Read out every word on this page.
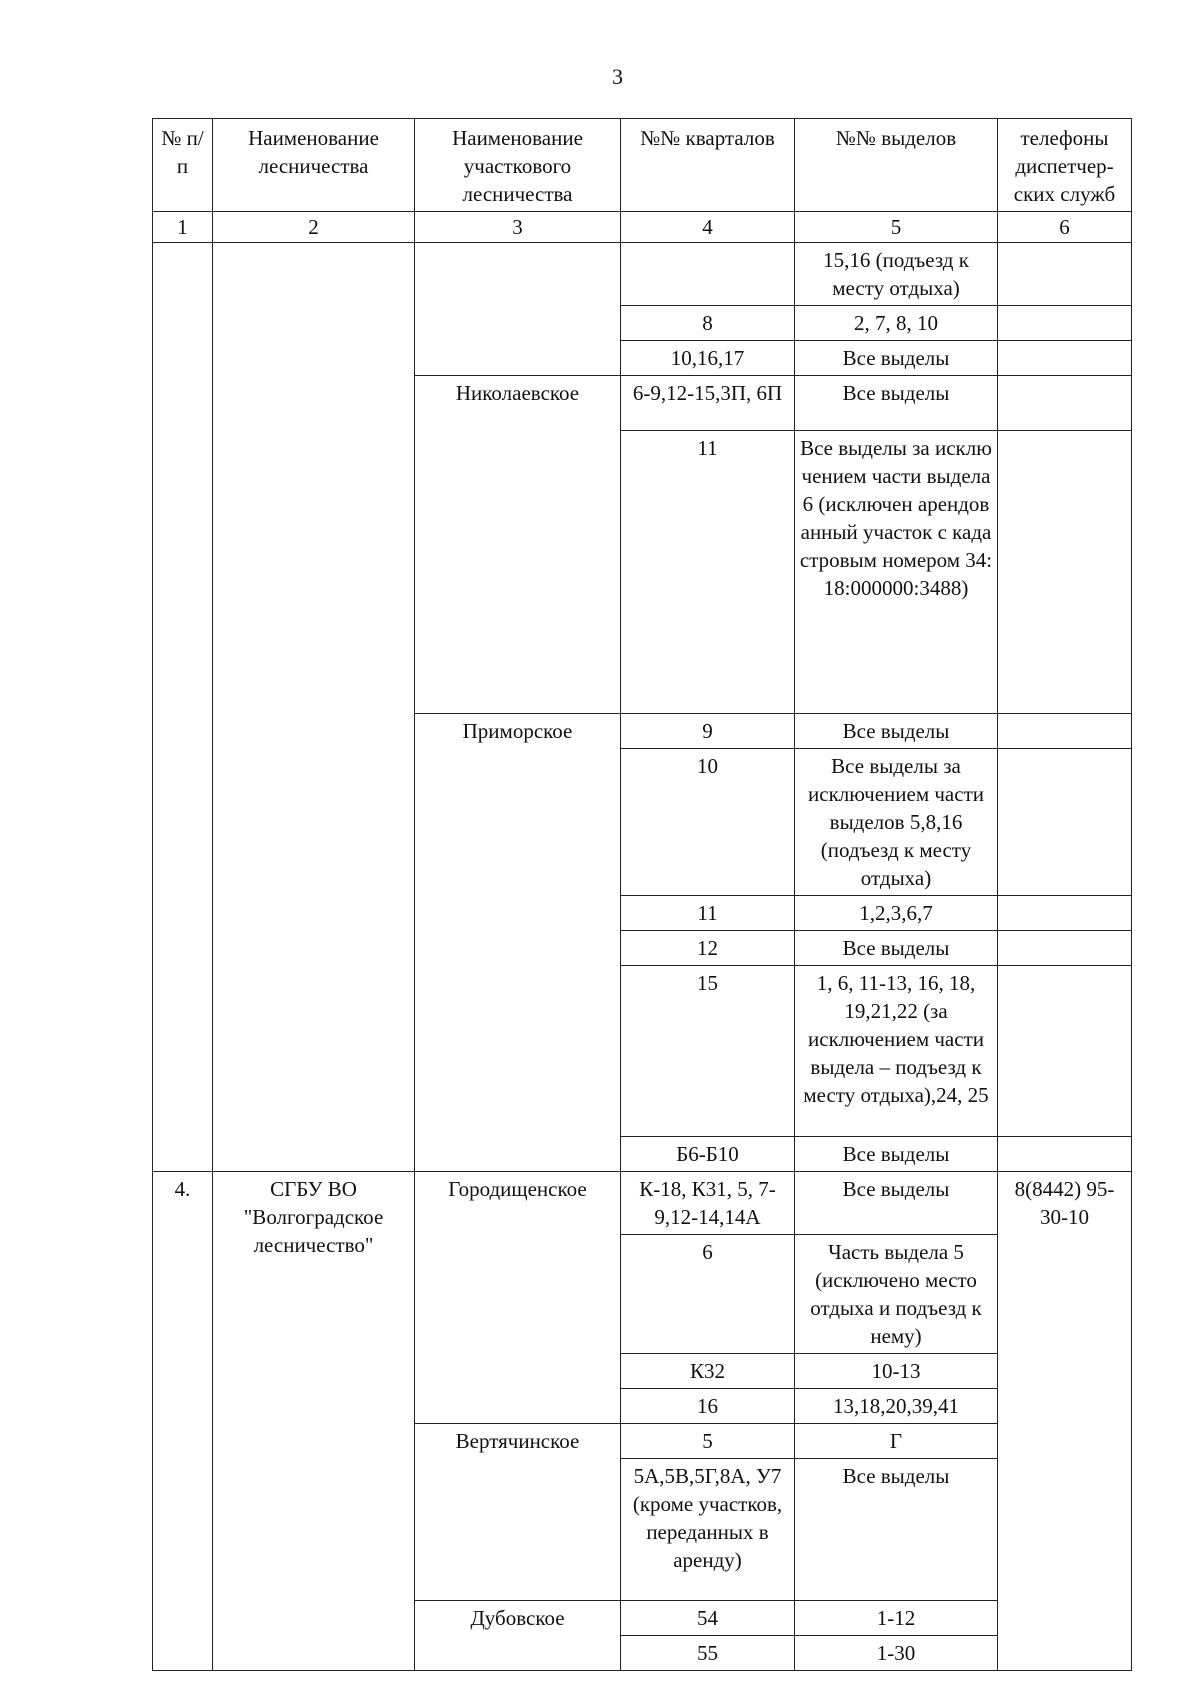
3
№ п/п	Наименование лесничества	Наименование участкового лесничества	№№ кварталов	№№ выделов	телефоны диспетчер-ских служб
1	2	3	4	5	6
				15,16 (подъезд к месту отдыха)	
			8	2, 7, 8, 10	
			10,16,17	Все выделы	
		Николаевское	6-9,12-15,3П, 6П	Все выделы	
			11	Все выделы за исключением части выдела 6 (исключен арендованный участок с кадастровым номером 34:18:000000:3488)	
		Приморское	9	Все выделы	
			10	Все выделы за исключением части выделов 5,8,16 (подъезд к месту отдыха)	
			11	1,2,3,6,7	
			12	Все выделы	
			15	1, 6, 11-13, 16, 18, 19,21,22 (за исключением части выдела – подъезд к месту отдыха),24, 25	
			Б6-Б10	Все выделы	
4.	СГБУ ВО "Волгоградское лесничество"	Городищенское	К-18, К31, 5, 7-9,12-14,14А	Все выделы	8(8442) 95-30-10
			6	Часть выдела 5 (исключено место отдыха и подъезд к нему)	
			К32	10-13	
			16	13,18,20,39,41	
		Вертячинское	5	Г	
			5А,5В,5Г,8А, У7 (кроме участков, переданных в аренду)	Все выделы	
		Дубовское	54	1-12	
			55	1-30	
